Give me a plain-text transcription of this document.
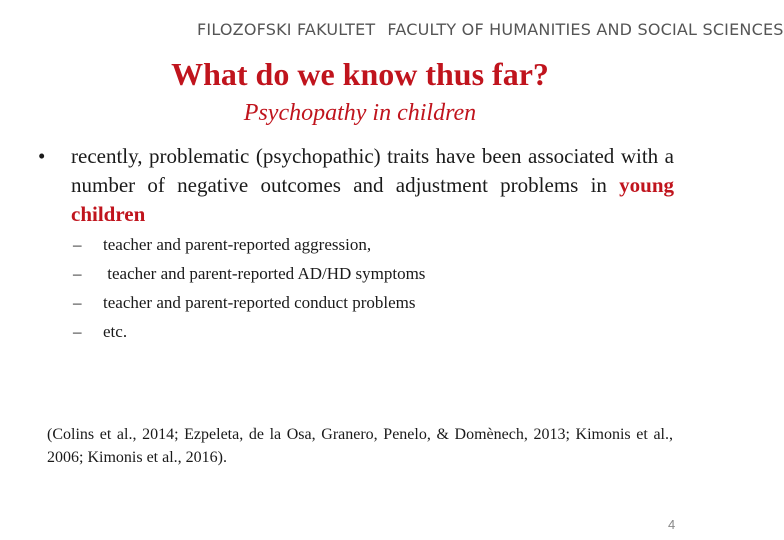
FILOZOFSKI FAKULTET FACULTY OF HUMANITIES AND SOCIAL SCIENCES
What do we know thus far?
Psychopathy in children
• recently, problematic (psychopathic) traits have been associated with a number of negative outcomes and adjustment problems in young children
–	teacher and parent-reported aggression,
–	teacher and parent-reported AD/HD symptoms
–	teacher and parent-reported conduct problems
–	etc.
(Colins et al., 2014; Ezpeleta, de la Osa, Granero, Penelo, & Domènech, 2013; Kimonis et al., 2006; Kimonis et al., 2016).
4
